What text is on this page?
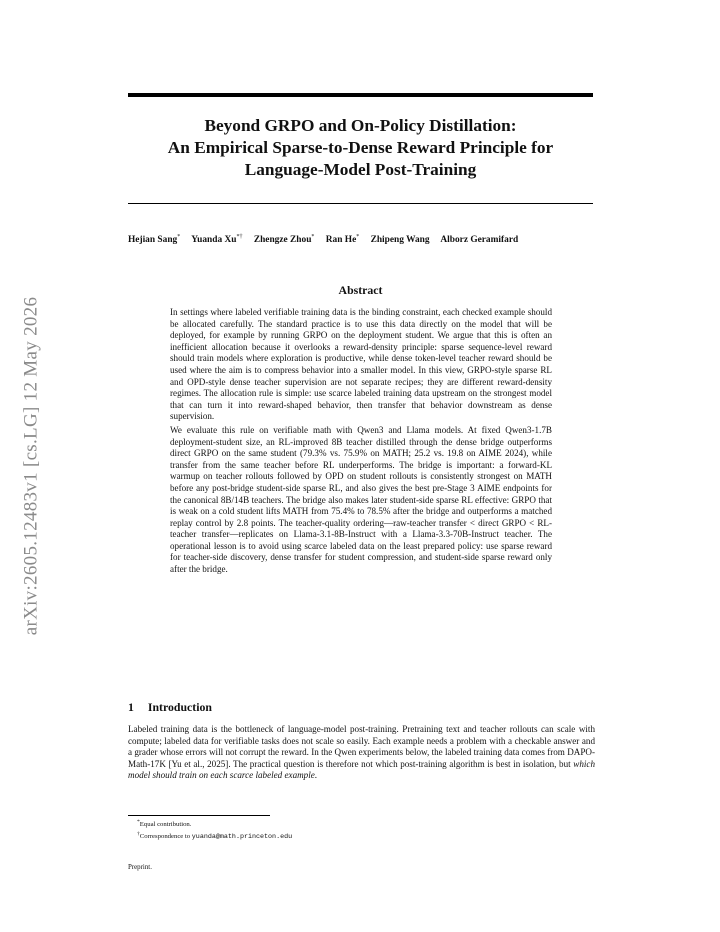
arXiv:2605.12483v1 [cs.LG] 12 May 2026
Beyond GRPO and On-Policy Distillation:
An Empirical Sparse-to-Dense Reward Principle for
Language-Model Post-Training
Hejian Sang* Yuanda Xu*† Zhengze Zhou* Ran He* Zhipeng Wang Alborz Geramifard
Abstract

In settings where labeled verifiable training data is the binding constraint, each checked example should be allocated carefully. The standard practice is to use this data directly on the model that will be deployed, for example by running GRPO on the deployment student. We argue that this is often an inefficient allocation because it overlooks a reward-density principle: sparse sequence-level reward should train models where exploration is productive, while dense token-level teacher reward should be used where the aim is to compress behavior into a smaller model. In this view, GRPO-style sparse RL and OPD-style dense teacher supervision are not separate recipes; they are different reward-density regimes. The allocation rule is simple: use scarce labeled training data upstream on the strongest model that can turn it into reward-shaped behavior, then transfer that behavior downstream as dense supervision.

We evaluate this rule on verifiable math with Qwen3 and Llama models. At fixed Qwen3-1.7B deployment-student size, an RL-improved 8B teacher distilled through the dense bridge outperforms direct GRPO on the same student (79.3% vs. 75.9% on MATH; 25.2 vs. 19.8 on AIME 2024), while transfer from the same teacher before RL underperforms. The bridge is important: a forward-KL warmup on teacher rollouts followed by OPD on student rollouts is consistently strongest on MATH before any post-bridge student-side sparse RL, and also gives the best pre-Stage 3 AIME endpoints for the canonical 8B/14B teachers. The bridge also makes later student-side sparse RL effective: GRPO that is weak on a cold student lifts MATH from 75.4% to 78.5% after the bridge and outperforms a matched replay control by 2.8 points. The teacher-quality ordering—raw-teacher transfer < direct GRPO < RL-teacher transfer—replicates on Llama-3.1-8B-Instruct with a Llama-3.3-70B-Instruct teacher. The operational lesson is to avoid using scarce labeled data on the least prepared policy: use sparse reward for teacher-side discovery, dense transfer for student compression, and student-side sparse reward only after the bridge.

1 Introduction

Labeled training data is the bottleneck of language-model post-training. Pretraining text and teacher rollouts can scale with compute; labeled data for verifiable tasks does not scale so easily. Each example needs a problem with a checkable answer and a grader whose errors will not corrupt the reward. In the Qwen experiments below, the labeled training data comes from DAPO-Math-17K [Yu et al., 2025]. The practical question is therefore not which post-training algorithm is best in isolation, but which model should train on each scarce labeled example.

*Equal contribution.
†Correspondence to yuanda@math.princeton.edu
Preprint.
